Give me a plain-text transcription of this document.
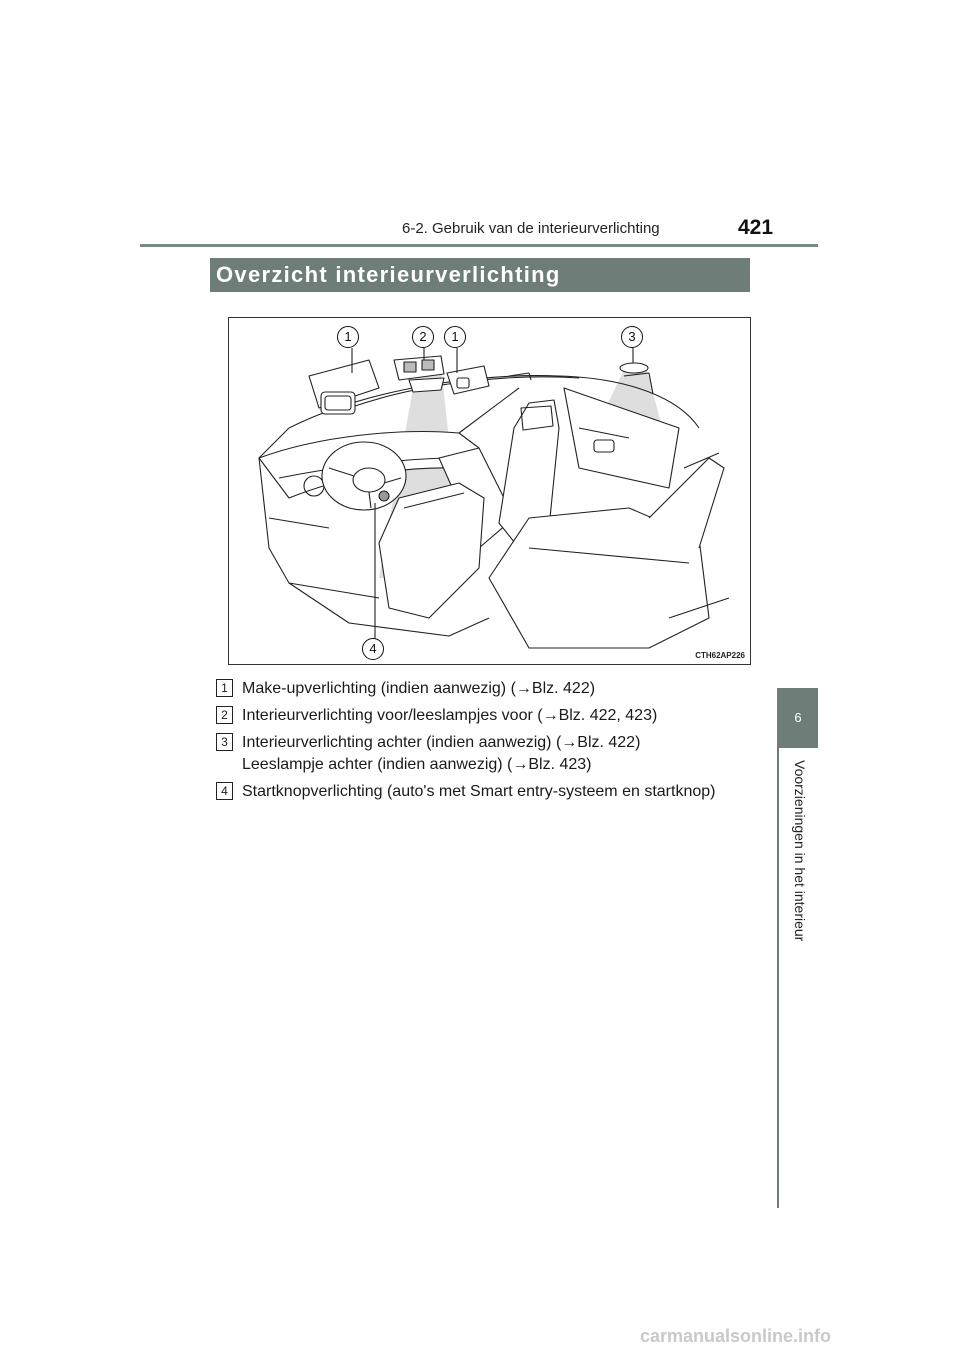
6-2. Gebruik van de interieurverlichting	421
Overzicht interieurverlichting
6
Voorzieningen in het interieur
1	2	1	3
4	CTH62AP226
1 Make-upverlichting (indien aanwezig) (→Blz. 422)
2 Interieurverlichting voor/leeslampjes voor (→Blz. 422, 423)
3 Interieurverlichting achter (indien aanwezig) (→Blz. 422)
Leeslampje achter (indien aanwezig) (→Blz. 423)
4 Startknopverlichting (auto's met Smart entry-systeem en startknop)
carmanualsonline.info
